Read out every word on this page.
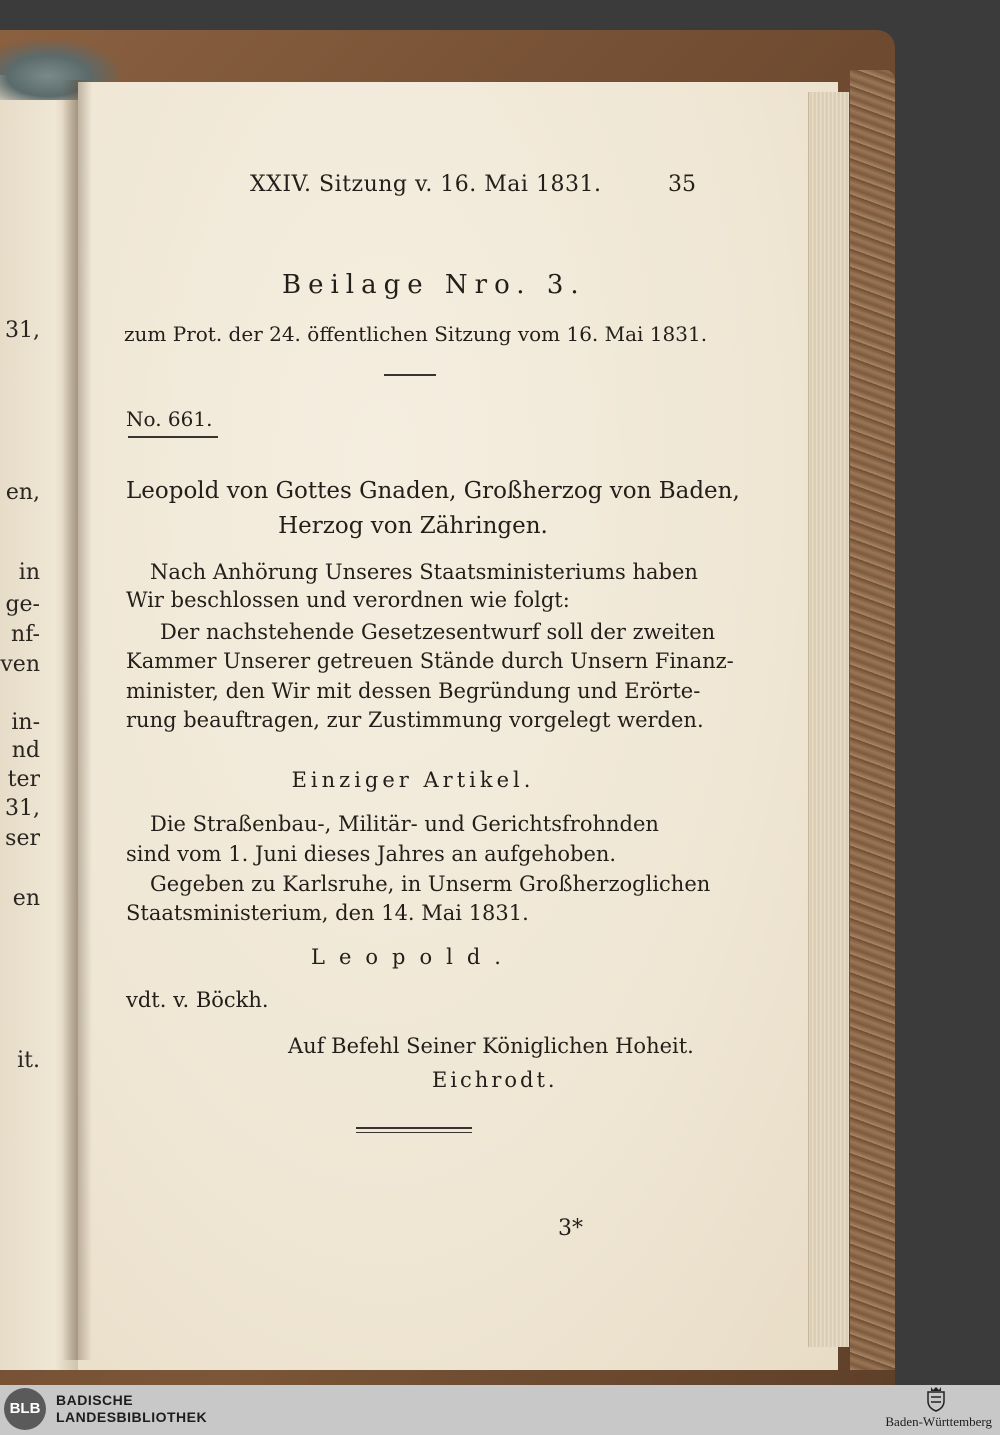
31,
en,
in
ge-
nf-
ven
in-
nd
ter
31,
ser
en
it.
XXIV. Sitzung v. 16. Mai 1831.	35
Beilage Nro. 3.
zum Prot. der 24. öffentlichen Sitzung vom 16. Mai 1831.
No. 661.
Leopold von Gottes Gnaden, Großherzog von Baden,
Herzog von Zähringen.
Nach Anhörung Unseres Staatsministeriums haben
Wir beschlossen und verordnen wie folgt:
Der nachstehende Gesetzesentwurf soll der zweiten
Kammer Unserer getreuen Stände durch Unsern Finanz-
minister, den Wir mit dessen Begründung und Erörte-
rung beauftragen, zur Zustimmung vorgelegt werden.
Einziger Artikel.
Die Straßenbau-, Militär- und Gerichtsfrohnden
sind vom 1. Juni dieses Jahres an aufgehoben.
Gegeben zu Karlsruhe, in Unserm Großherzoglichen
Staatsministerium, den 14. Mai 1831.
Leopold.
vdt. v. Böckh.
Auf Befehl Seiner Königlichen Hoheit.
Eichrodt.
3*
BLB	BADISCHE
LANDESBIBLIOTHEK	Baden-Württemberg
